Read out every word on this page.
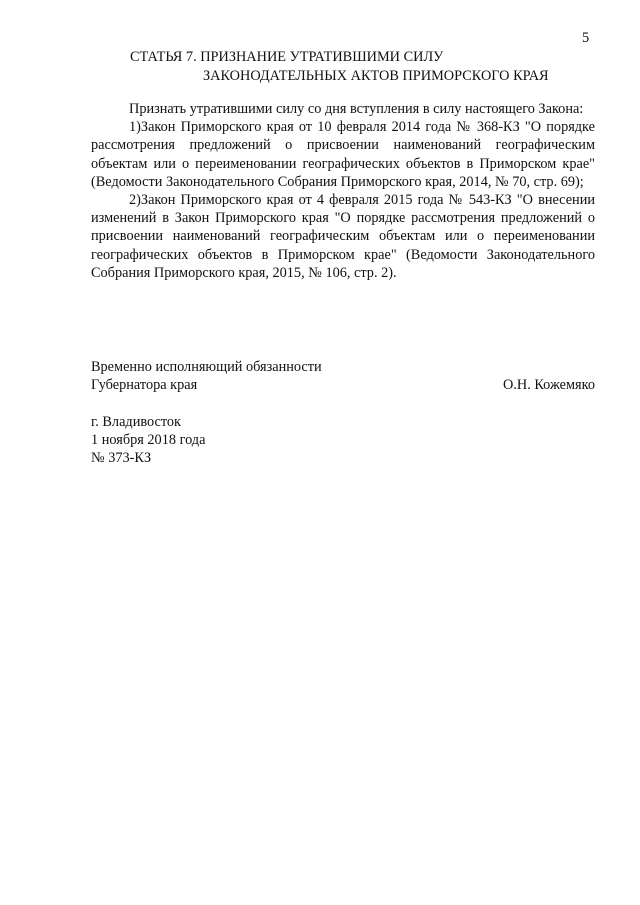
5
СТАТЬЯ 7. ПРИЗНАНИЕ УТРАТИВШИМИ СИЛУ
ЗАКОНОДАТЕЛЬНЫХ АКТОВ ПРИМОРСКОГО КРАЯ

Признать утратившими силу со дня вступления в силу настоящего Закона:

1)Закон Приморского края от 10 февраля 2014 года № 368-КЗ "О порядке рассмотрения предложений о присвоении наименований географическим объектам или о переименовании географических объектов в Приморском крае" (Ведомости Законодательного Собрания Приморского края, 2014, № 70, стр. 69);

2)Закон Приморского края от 4 февраля 2015 года № 543-КЗ "О внесении изменений в Закон Приморского края "О порядке рассмотрения предложений о присвоении наименований географическим объектам или о переименовании географических объектов в Приморском крае" (Ведомости Законодательного Собрания Приморского края, 2015, № 106, стр. 2).

Временно исполняющий обязанности
Губернатора края	О.Н. Кожемяко
г. Владивосток
1 ноября 2018 года
№ 373-КЗ
